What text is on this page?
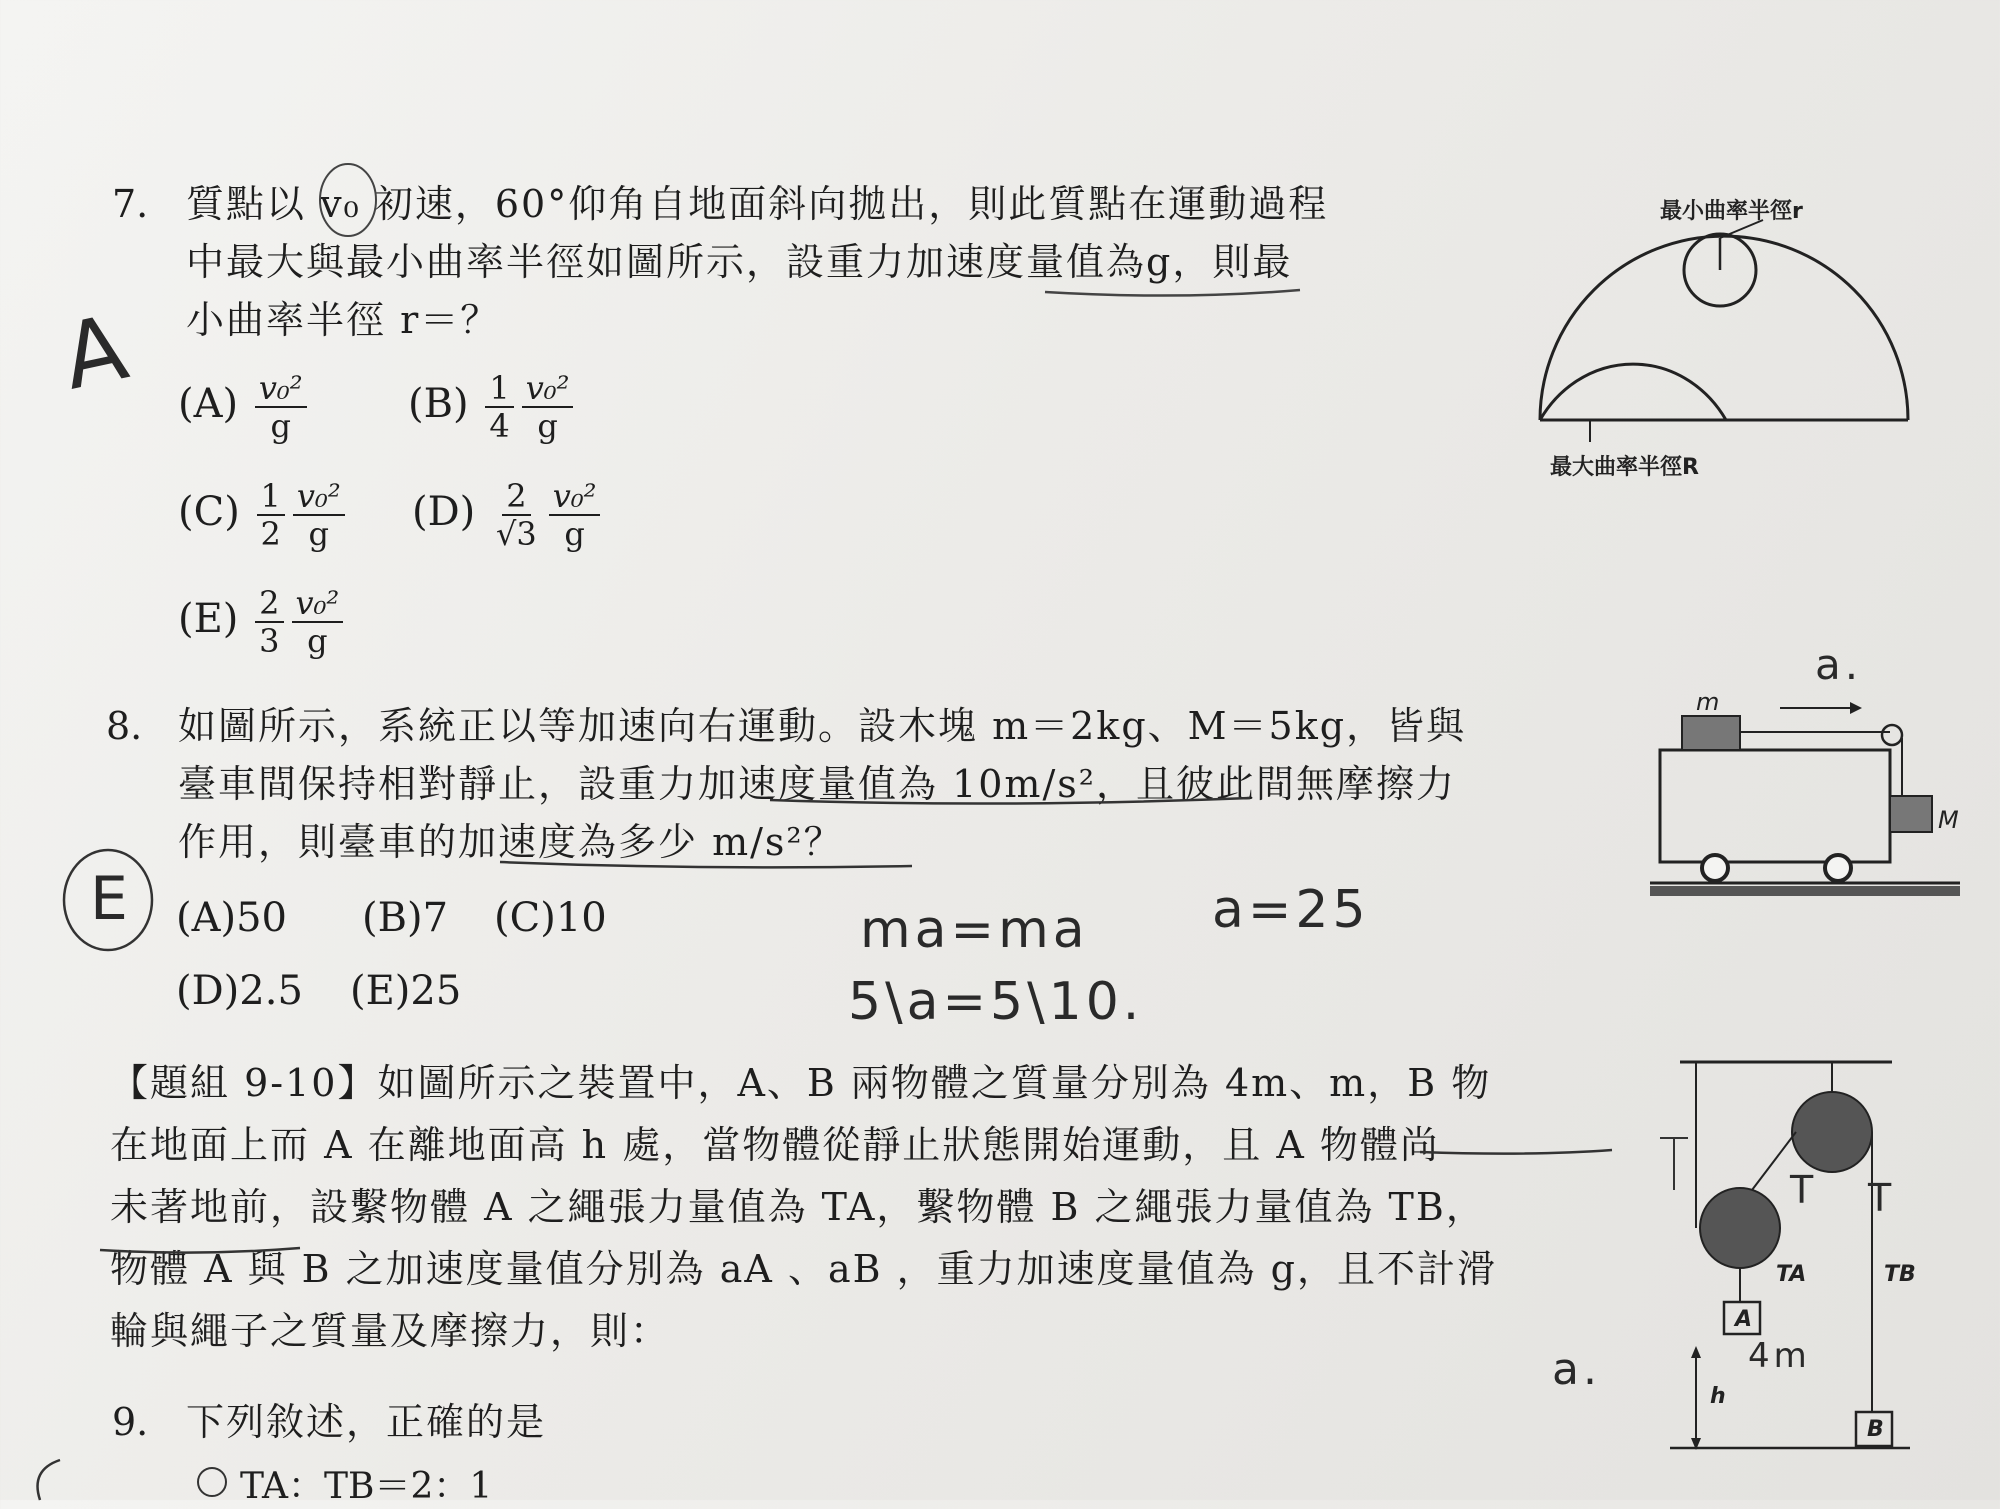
7. 質點以 v₀ 初速，60°仰角自地面斜向拋出，則此質點在運動過程
中最大與最小曲率半徑如圖所示，設重力加速度量值為g，則最
小曲率半徑 r＝？
$(A) \frac{\text{v₀²}}{g}$	$(B) \frac{1}{4} \frac{\text{v₀²}}{g}$
$(C) \frac{1}{2} \frac{\text{v₀²}}{g} (D) \frac{2}{√3} \frac{\text{v₀²}}{g}$
$(E) \frac{2}{3} \frac{\text{v₀²}}{g}$
A
最小曲率半徑r
最大曲率半徑R
8. 如圖所示，系統正以等加速向右運動。設木塊 m＝2kg、M＝5kg，皆與
臺車間保持相對靜止，設重力加速度量值為 10m/s²，且彼此間無摩擦力
作用，則臺車的加速度為多少 m/s²？
(A)50 (B)7 (C)10
(D)2.5 (E)25
E	ma=ma a=25
5\a=5\10.
m
M
a.
【題組 9-10】如圖所示之裝置中，A、B 兩物體之質量分別為 4m、m，B 物
在地面上而 A 在離地面高 h 處，當物體從靜止狀態開始運動，且 A 物體尚
未著地前，設繫物體 A 之繩張力量值為 TA，繫物體 B 之繩張力量值為 TB，
物體 A 與 B 之加速度量值分別為 aA 、aB ，重力加速度量值為 g，且不計滑
輪與繩子之質量及摩擦力，則：	A
B
TA	TB
h
a.	4m
T T
9. 下列敘述，正確的是
TA：TB＝2：1
